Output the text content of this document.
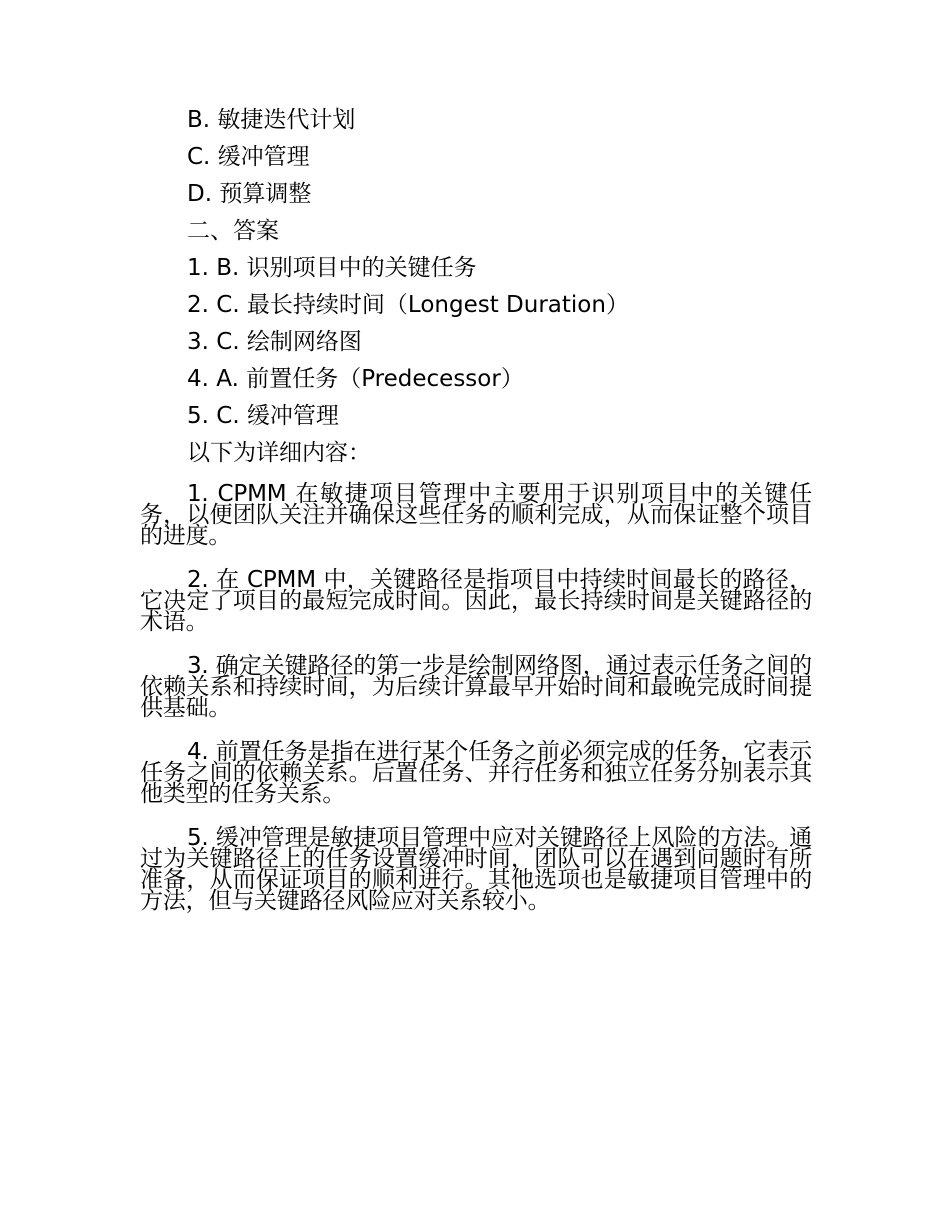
B. 敏捷迭代计划
C. 缓冲管理
D. 预算调整
二、答案
1. B. 识别项目中的关键任务
2. C. 最长持续时间（Longest Duration）
3. C. 绘制网络图
4. A. 前置任务（Predecessor）
5. C. 缓冲管理
以下为详细内容：

1. CPMM 在敏捷项目管理中主要用于识别项目中的关键任务，以便团队关注并确保这些任务的顺利完成，从而保证整个项目的进度。

2. 在 CPMM 中，关键路径是指项目中持续时间最长的路径，它决定了项目的最短完成时间。因此，最长持续时间是关键路径的术语。

3. 确定关键路径的第一步是绘制网络图，通过表示任务之间的依赖关系和持续时间，为后续计算最早开始时间和最晚完成时间提供基础。

4. 前置任务是指在进行某个任务之前必须完成的任务，它表示任务之间的依赖关系。后置任务、并行任务和独立任务分别表示其他类型的任务关系。

5. 缓冲管理是敏捷项目管理中应对关键路径上风险的方法。通过为关键路径上的任务设置缓冲时间，团队可以在遇到问题时有所准备，从而保证项目的顺利进行。其他选项也是敏捷项目管理中的方法，但与关键路径风险应对关系较小。
